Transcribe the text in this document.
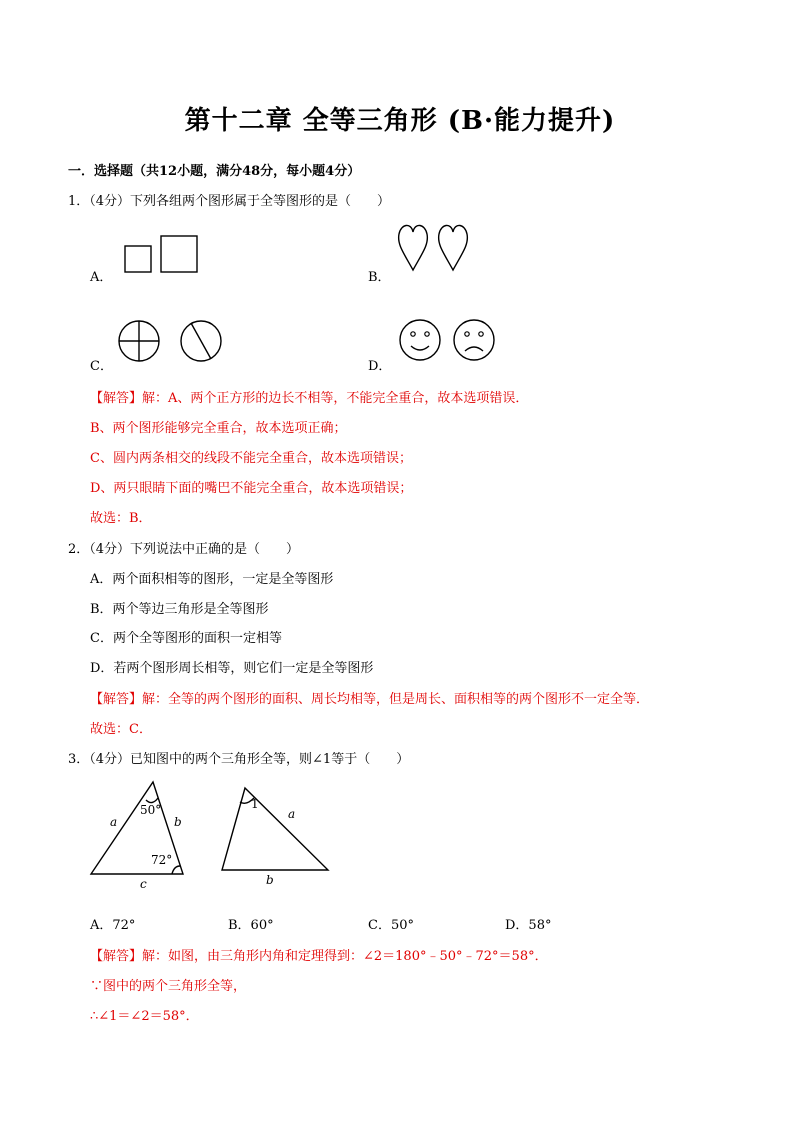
第十二章 全等三角形 (B·能力提升)
一．选择题（共12小题，满分48分，每小题4分）
1．（4分）下列各组两个图形属于全等图形的是（　　）
A．	B．
C．	D．
【解答】解：A、两个正方形的边长不相等，不能完全重合，故本选项错误．
B、两个图形能够完全重合，故本选项正确；
C、圆内两条相交的线段不能完全重合，故本选项错误；
D、两只眼睛下面的嘴巴不能完全重合，故本选项错误；
故选：B．
2．（4分）下列说法中正确的是（　　）
A．两个面积相等的图形，一定是全等图形
B．两个等边三角形是全等图形
C．两个全等图形的面积一定相等
D．若两个图形周长相等，则它们一定是全等图形
【解答】解：全等的两个图形的面积、周长均相等，但是周长、面积相等的两个图形不一定全等．
故选：C．
3．（4分）已知图中的两个三角形全等，则∠1等于（　　）
50°
72°
a	b
c
1
a
b
A．72°	B．60°	C．50°	D．58°
【解答】解：如图，由三角形内角和定理得到：∠2＝180°﹣50°﹣72°＝58°．
∵图中的两个三角形全等，
∴∠1＝∠2＝58°．
